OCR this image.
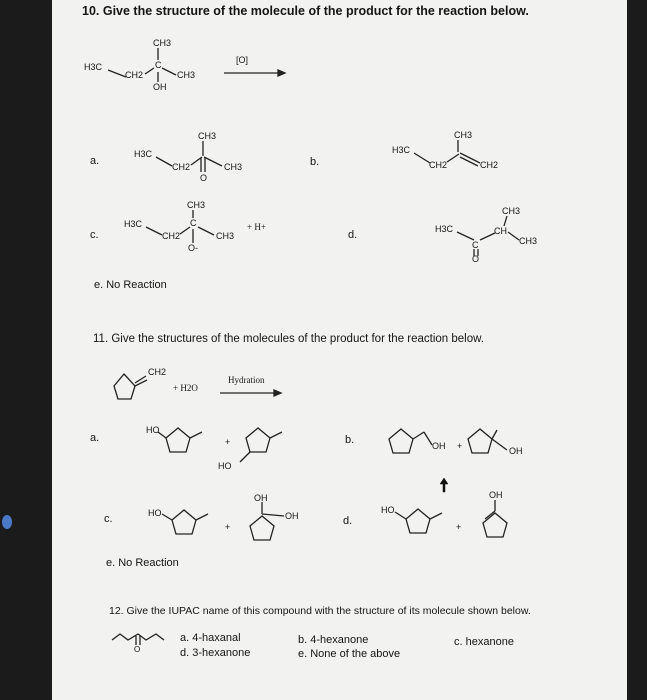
10. Give the structure of the molecule of the product for the reaction below.
CH3
H3C
CH2	CH3
OH
C	[O]
a.
CH3
H3C
CH2	CH3
O
b.
CH3
H3C
CH2	CH2
c.
CH3
H3C
CH2	CH3
O-
+ H+
C
d.
CH3
H3C	CH
CH3
C
O
e. No Reaction
11. Give the structures of the molecules of the product for the reaction below.
CH2
+ H2O
Hydration
a.
HO
+
HO
b.	OH +	OH
c.	HO
+
OH
OH	d.
HO
+
OH
e. No Reaction
12. Give the IUPAC name of this compound with the structure of its molecule shown below.
O
a. 4-haxanal
d. 3-hexanone
b. 4-hexanone
e. None of the above
c. hexanone
